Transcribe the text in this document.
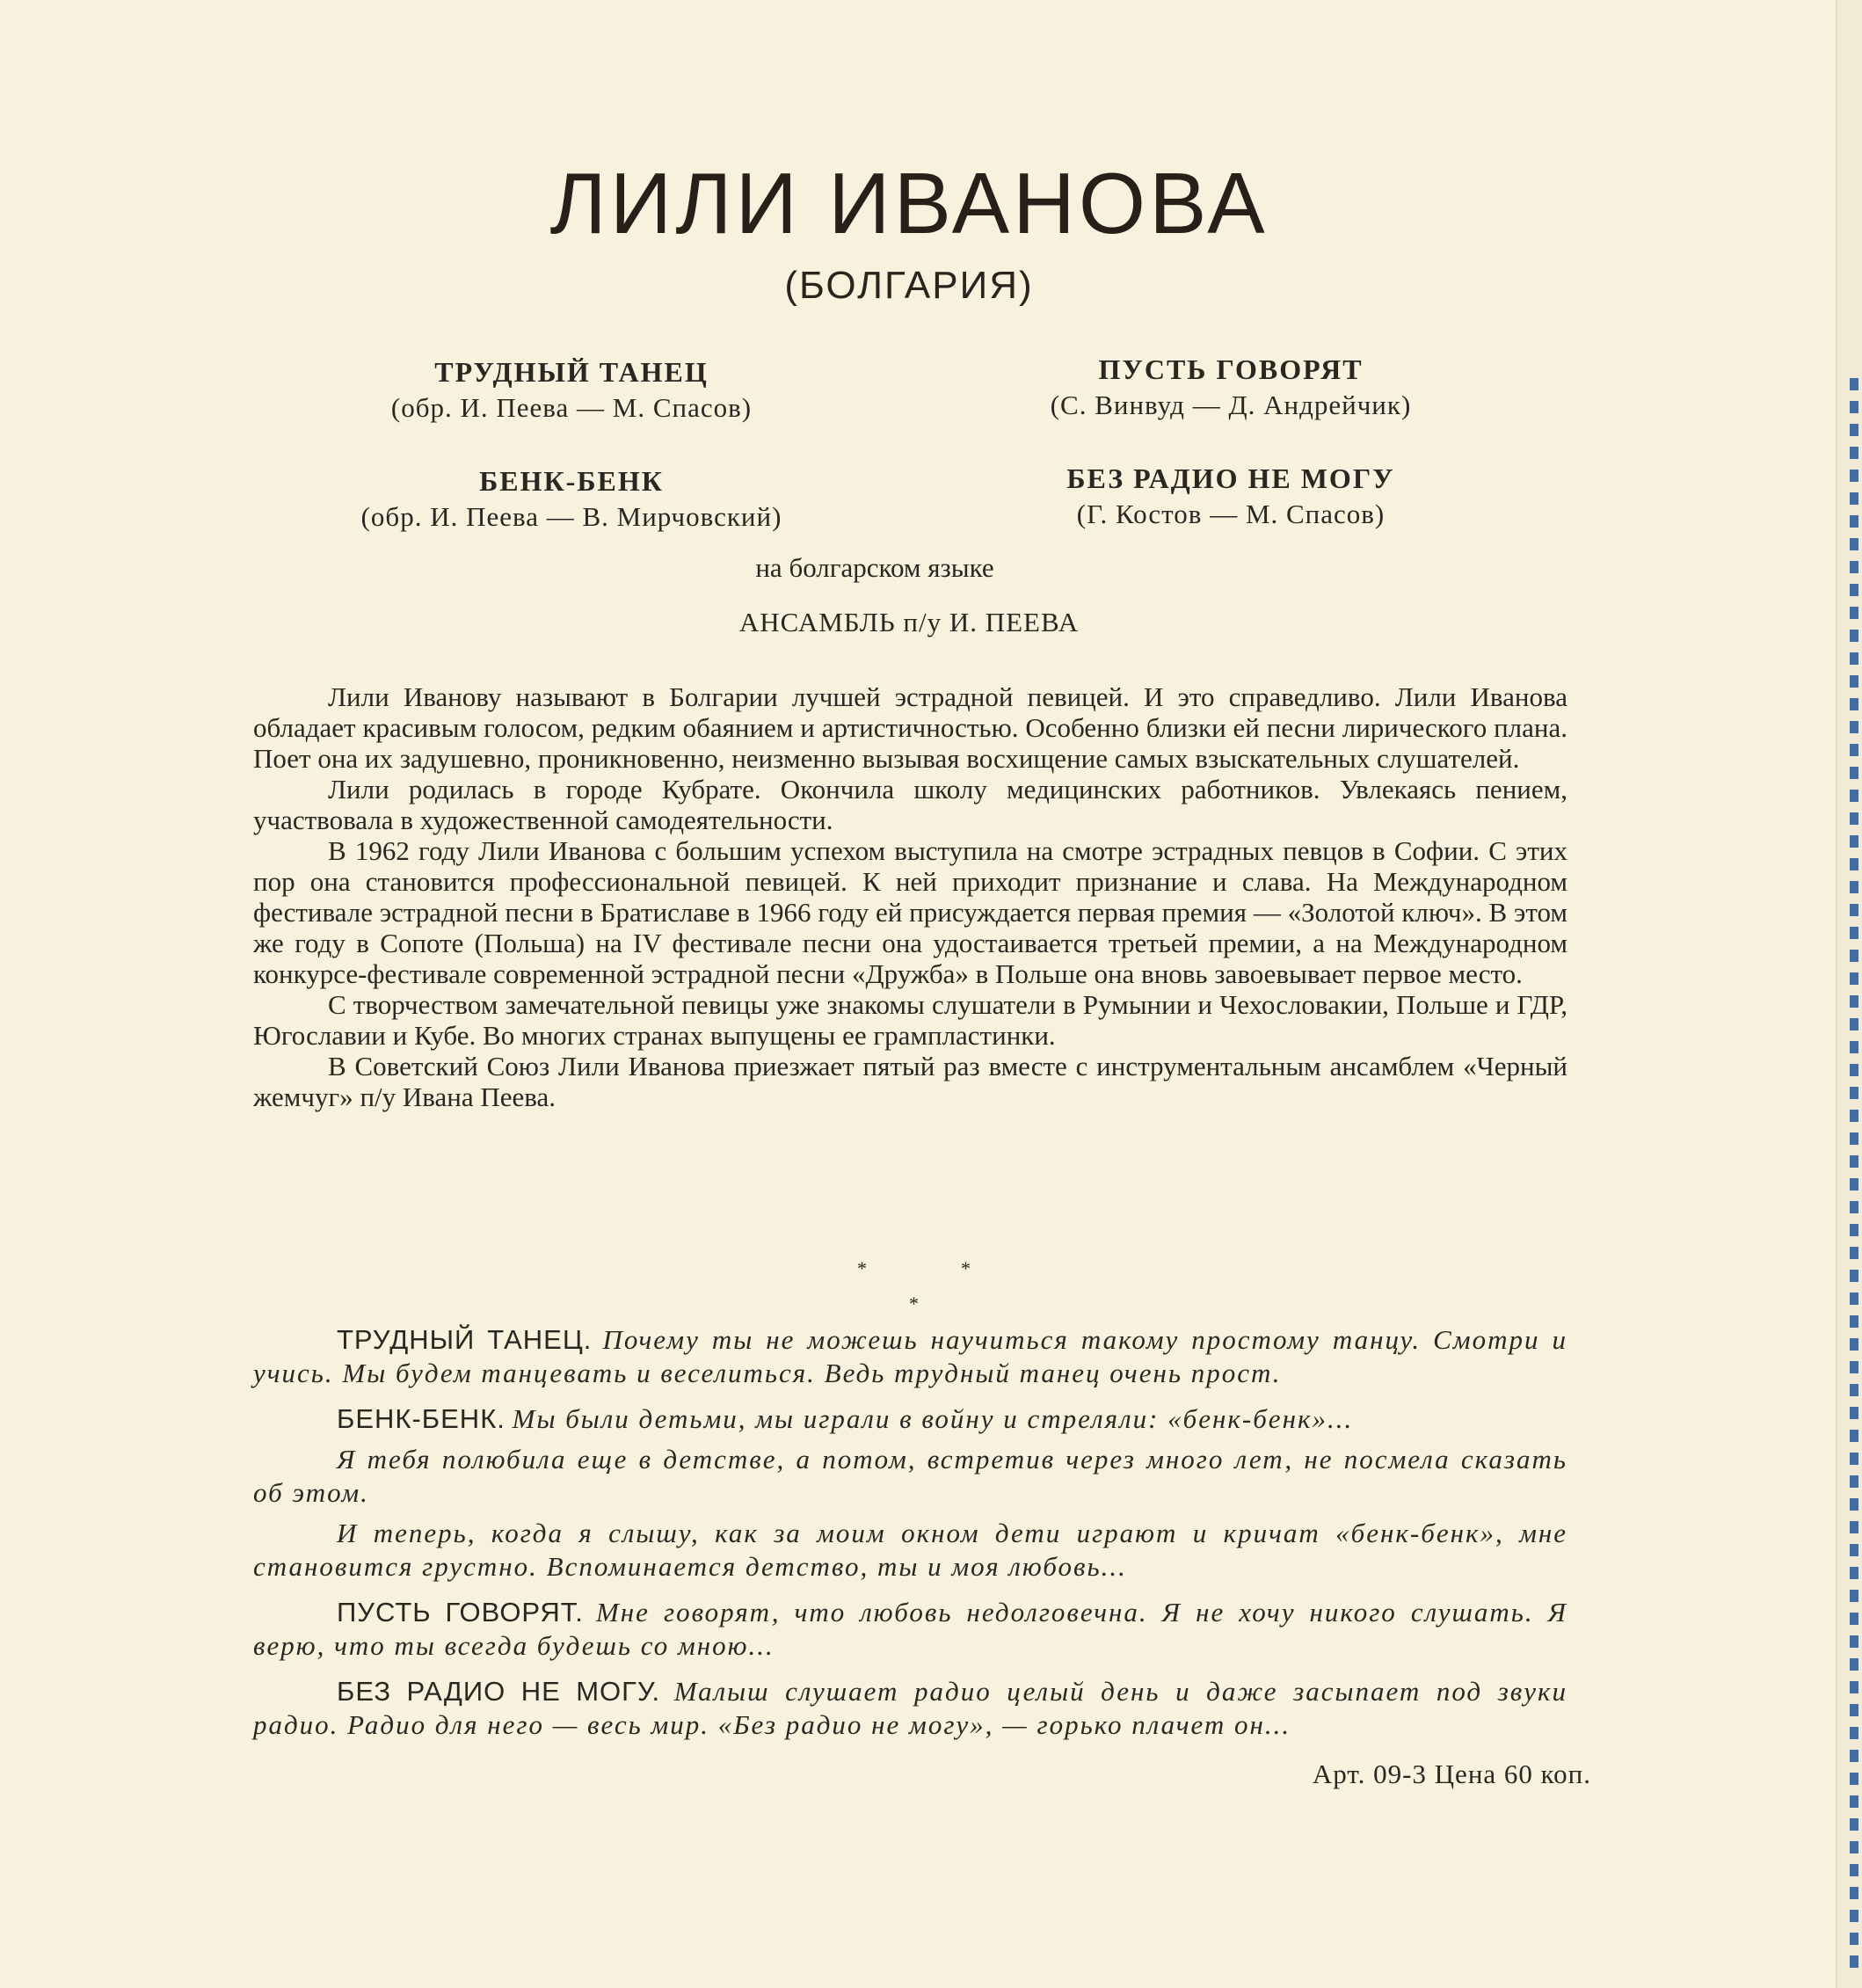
ЛИЛИ ИВАНОВА
(БОЛГАРИЯ)
ТРУДНЫЙ ТАНЕЦ
(обр. И. Пеева — М. Спасов)
ПУСТЬ ГОВОРЯТ
(С. Винвуд — Д. Андрейчик)
БЕНК-БЕНК
(обр. И. Пеева — В. Мирчовский)
БЕЗ РАДИО НЕ МОГУ
(Г. Костов — М. Спасов)
на болгарском языке
АНСАМБЛЬ п/у И. ПЕЕВА

Лили Иванову называют в Болгарии лучшей эстрадной певицей. И это справедливо. Лили Иванова обладает красивым голосом, редким обаянием и артистичностью. Особенно близки ей песни лирического плана. Поет она их задушевно, проникновенно, неизменно вызывая восхищение самых взыскательных слушателей.

Лили родилась в городе Кубрате. Окончила школу медицинских работников. Увлекаясь пением, участвовала в художественной самодеятельности.

В 1962 году Лили Иванова с большим успехом выступила на смотре эстрадных певцов в Софии. С этих пор она становится профессиональной певицей. К ней приходит признание и слава. На Международном фестивале эстрадной песни в Братиславе в 1966 году ей присуждается первая премия — «Золотой ключ». В этом же году в Сопоте (Польша) на IV фестивале песни она удостаивается третьей премии, а на Международном конкурсе-фестивале современной эстрадной песни «Дружба» в Польше она вновь завоевывает первое место.

С творчеством замечательной певицы уже знакомы слушатели в Румынии и Чехословакии, Польше и ГДР, Югославии и Кубе. Во многих странах выпущены ее грампластинки.

В Советский Союз Лили Иванова приезжает пятый раз вместе с инструментальным ансамблем «Черный жемчуг» п/у Ивана Пеева.

*	*
*

ТРУДНЫЙ ТАНЕЦ. Почему ты не можешь научиться такому простому танцу. Смотри и учись. Мы будем танцевать и веселиться. Ведь трудный танец очень прост.

БЕНК-БЕНК. Мы были детьми, мы играли в войну и стреляли: «бенк-бенк»...

Я тебя полюбила еще в детстве, а потом, встретив через много лет, не посмела сказать об этом.

И теперь, когда я слышу, как за моим окном дети играют и кричат «бенк-бенк», мне становится грустно. Вспоминается детство, ты и моя любовь...

ПУСТЬ ГОВОРЯТ. Мне говорят, что любовь недолговечна. Я не хочу никого слушать. Я верю, что ты всегда будешь со мною...

БЕЗ РАДИО НЕ МОГУ. Малыш слушает радио целый день и даже засыпает под звуки радио. Радио для него — весь мир. «Без радио не могу», — горько плачет он...

Арт. 09-3 Цена 60 коп.
